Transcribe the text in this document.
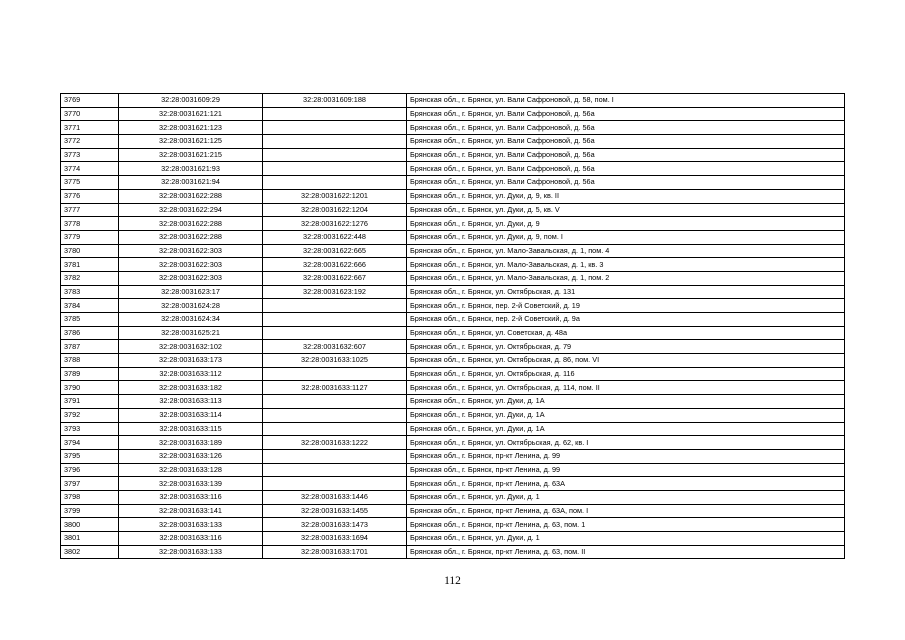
3769	32:28:0031609:29	32:28:0031609:188	Брянская обл., г. Брянск, ул. Вали Сафроновой, д. 58, пом. I
3770	32:28:0031621:121		Брянская обл., г. Брянск, ул. Вали Сафроновой, д. 56а
3771	32:28:0031621:123		Брянская обл., г. Брянск, ул. Вали Сафроновой, д. 56а
3772	32:28:0031621:125		Брянская обл., г. Брянск, ул. Вали Сафроновой, д. 56а
3773	32:28:0031621:215		Брянская обл., г. Брянск, ул. Вали Сафроновой, д. 56а
3774	32:28:0031621:93		Брянская обл., г. Брянск, ул. Вали Сафроновой, д. 56а
3775	32:28:0031621:94		Брянская обл., г. Брянск, ул. Вали Сафроновой, д. 56а
3776	32:28:0031622:288	32:28:0031622:1201	Брянская обл., г. Брянск, ул. Дуки, д. 9, кв. II
3777	32:28:0031622:294	32:28:0031622:1204	Брянская обл., г. Брянск, ул. Дуки, д. 5, кв. V
3778	32:28:0031622:288	32:28:0031622:1276	Брянская обл., г. Брянск, ул. Дуки, д. 9
3779	32:28:0031622:288	32:28:0031622:448	Брянская обл., г. Брянск, ул. Дуки, д. 9, пом. I
3780	32:28:0031622:303	32:28:0031622:665	Брянская обл., г. Брянск, ул. Мало-Завальская, д. 1, пом. 4
3781	32:28:0031622:303	32:28:0031622:666	Брянская обл., г. Брянск, ул. Мало-Завальская, д. 1, кв. 3
3782	32:28:0031622:303	32:28:0031622:667	Брянская обл., г. Брянск, ул. Мало-Завальская, д. 1, пом. 2
3783	32:28:0031623:17	32:28:0031623:192	Брянская обл., г. Брянск, ул. Октябрьская, д. 131
3784	32:28:0031624:28		Брянская обл., г. Брянск, пер. 2-й Советский, д. 19
3785	32:28:0031624:34		Брянская обл., г. Брянск, пер. 2-й Советский, д. 9а
3786	32:28:0031625:21		Брянская обл., г. Брянск, ул. Советская, д. 48а
3787	32:28:0031632:102	32:28:0031632:607	Брянская обл., г. Брянск, ул. Октябрьская, д. 79
3788	32:28:0031633:173	32:28:0031633:1025	Брянская обл., г. Брянск, ул. Октябрьская, д. 86, пом. VI
3789	32:28:0031633:112		Брянская обл., г. Брянск, ул. Октябрьская, д. 116
3790	32:28:0031633:182	32:28:0031633:1127	Брянская обл., г. Брянск, ул. Октябрьская, д. 114, пом. II
3791	32:28:0031633:113		Брянская обл., г. Брянск, ул. Дуки, д. 1А
3792	32:28:0031633:114		Брянская обл., г. Брянск, ул. Дуки, д. 1А
3793	32:28:0031633:115		Брянская обл., г. Брянск, ул. Дуки, д. 1А
3794	32:28:0031633:189	32:28:0031633:1222	Брянская обл., г. Брянск, ул. Октябрьская, д. 62, кв. I
3795	32:28:0031633:126		Брянская обл., г. Брянск, пр-кт Ленина, д. 99
3796	32:28:0031633:128		Брянская обл., г. Брянск, пр-кт Ленина, д. 99
3797	32:28:0031633:139		Брянская обл., г. Брянск, пр-кт Ленина, д. 63А
3798	32:28:0031633:116	32:28:0031633:1446	Брянская обл., г. Брянск, ул. Дуки, д. 1
3799	32:28:0031633:141	32:28:0031633:1455	Брянская обл., г. Брянск, пр-кт Ленина, д. 63А, пом. I
3800	32:28:0031633:133	32:28:0031633:1473	Брянская обл., г. Брянск, пр-кт Ленина, д. 63, пом. 1
3801	32:28:0031633:116	32:28:0031633:1694	Брянская обл., г. Брянск, ул. Дуки, д. 1
3802	32:28:0031633:133	32:28:0031633:1701	Брянская обл., г. Брянск, пр-кт Ленина, д. 63, пом. II
112
